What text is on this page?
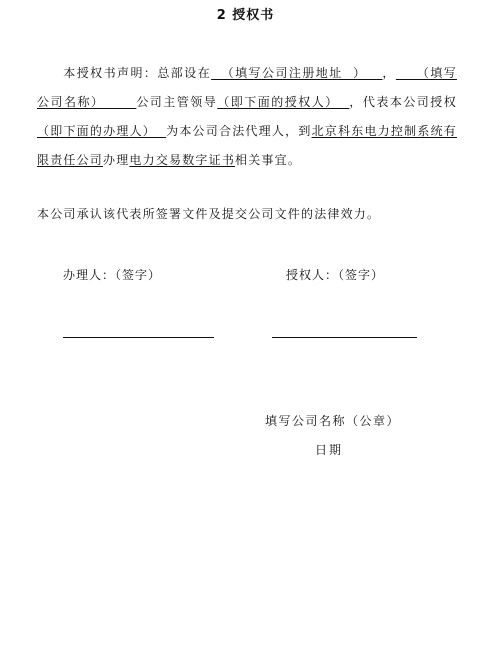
2 授权书
本授权书声明：总部设在  （填写公司注册地址  ）   ，    （填写公司名称）      公司主管领导（即下面的授权人）  ，代表本公司授权（即下面的办理人）  为本公司合法代理人，到北京科东电力控制系统有限责任公司办理电力交易数字证书相关事宜。
本公司承认该代表所签署文件及提交公司文件的法律效力。
办理人：（签字）	授权人：（签字）
填写公司名称（公章）
日期
